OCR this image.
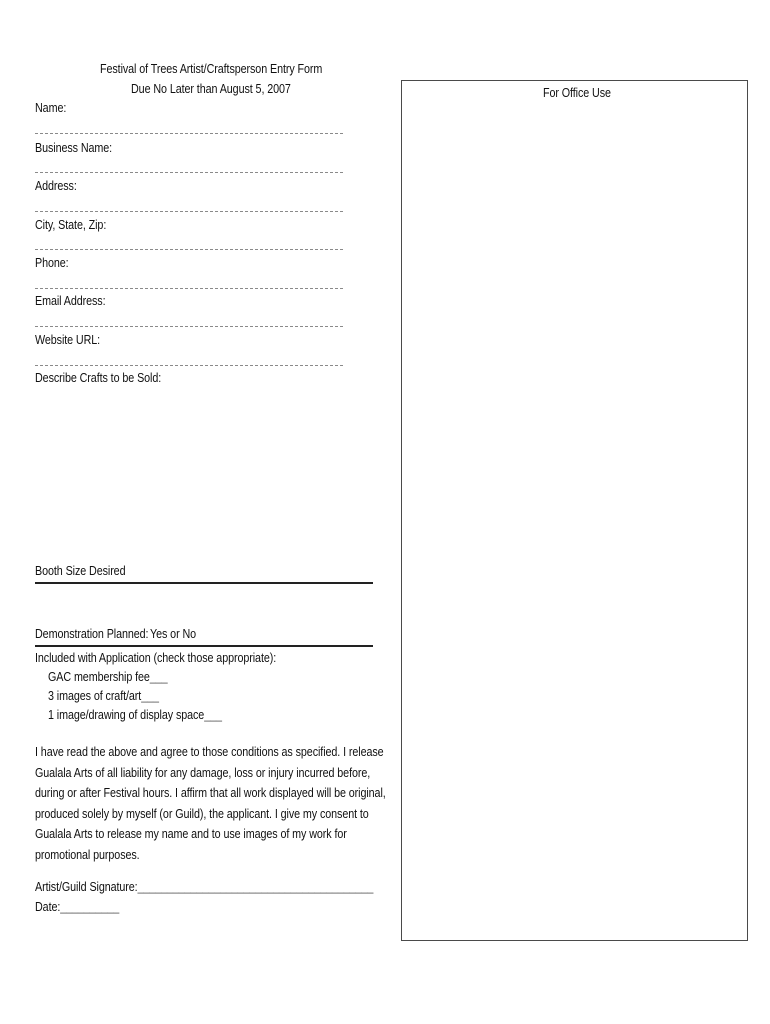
Festival of Trees Artist/Craftsperson Entry Form
Due No Later than August 5, 2007
Name:
Business Name:
Address:
City, State, Zip:
Phone:
Email Address:
Website URL:
Describe Crafts to be Sold:
Booth Size Desired
Demonstration Planned: Yes or No
Included with Application (check those appropriate):
GAC membership fee___
3 images of craft/art___
1 image/drawing of display space___
I have read the above and agree to those conditions as specified. I release
Gualala Arts of all liability for any damage, loss or injury incurred before,
during or after Festival hours. I affirm that all work displayed will be original,
produced solely by myself (or Guild), the applicant. I give my consent to
Gualala Arts to release my name and to use images of my work for
promotional purposes.
Artist/Guild Signature:________________________________________
Date:__________
For Office Use
